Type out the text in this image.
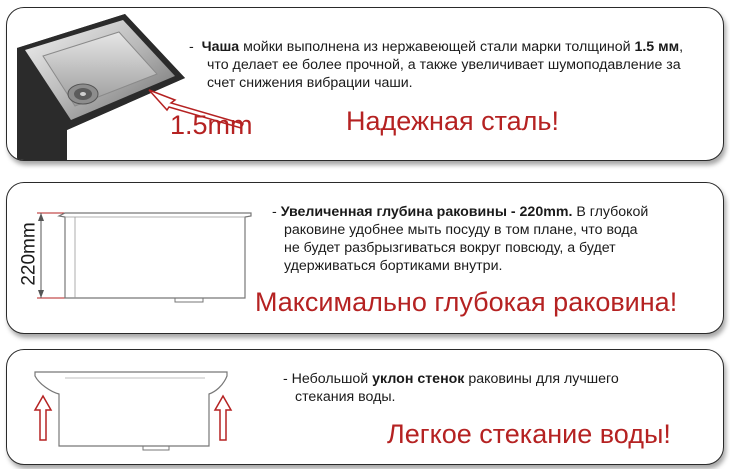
1.5mm
- Чаша мойки выполнена из нержавеющей стали марки толщиной 1.5 мм,
что делает ее более прочной, а также увеличивает шумоподавление за
счет снижения вибрации чаши.
Надежная сталь!
220mm
- Увеличенная глубина раковины - 220mm. В глубокой
раковине удобнее мыть посуду в том плане, что вода
не будет разбрызгиваться вокруг повсюду, а будет
удерживаться бортиками внутри.
Максимально глубокая раковина!
- Небольшой уклон стенок раковины для лучшего
стекания воды.
Легкое стекание воды!
